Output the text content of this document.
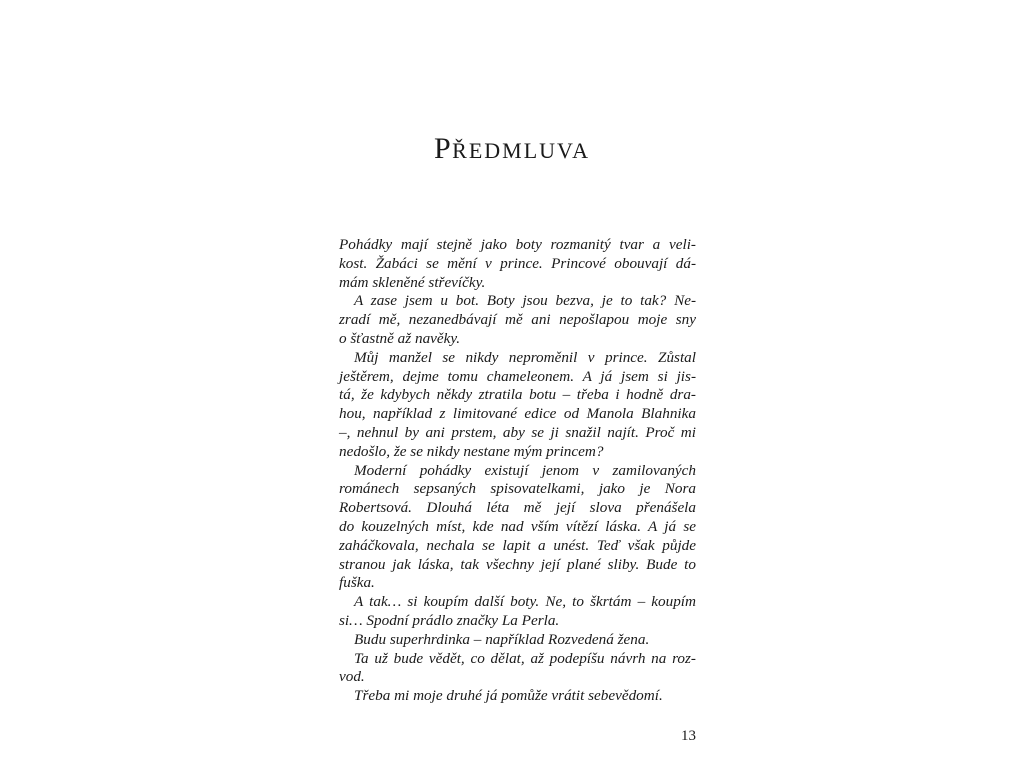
PŘEDMLUVA
Pohádky mají stejně jako boty rozmanitý tvar a veli-
kost. Žabáci se mění v prince. Princové obouvají dá-
mám skleněné střevíčky.
A zase jsem u bot. Boty jsou bezva, je to tak? Ne-
zradí mě, nezanedbávají mě ani nepošlapou moje sny
o šťastně až navěky.
Můj manžel se nikdy neproměnil v prince. Zůstal
ještěrem, dejme tomu chameleonem. A já jsem si jis-
tá, že kdybych někdy ztratila botu – třeba i hodně dra-
hou, například z limitované edice od Manola Blahnika
–, nehnul by ani prstem, aby se ji snažil najít. Proč mi
nedošlo, že se nikdy nestane mým princem?
Moderní pohádky existují jenom v zamilovaných
románech sepsaných spisovatelkami, jako je Nora
Robertsová. Dlouhá léta mě její slova přenášela
do kouzelných míst, kde nad vším vítězí láska. A já se
zaháčkovala, nechala se lapit a unést. Teď však půjde
stranou jak láska, tak všechny její plané sliby. Bude to
fuška.
A tak… si koupím další boty. Ne, to škrtám – koupím
si… Spodní prádlo značky La Perla.
Budu superhrdinka – například Rozvedená žena.
Ta už bude vědět, co dělat, až podepíšu návrh na roz-
vod.
Třeba mi moje druhé já pomůže vrátit sebevědomí.
13
